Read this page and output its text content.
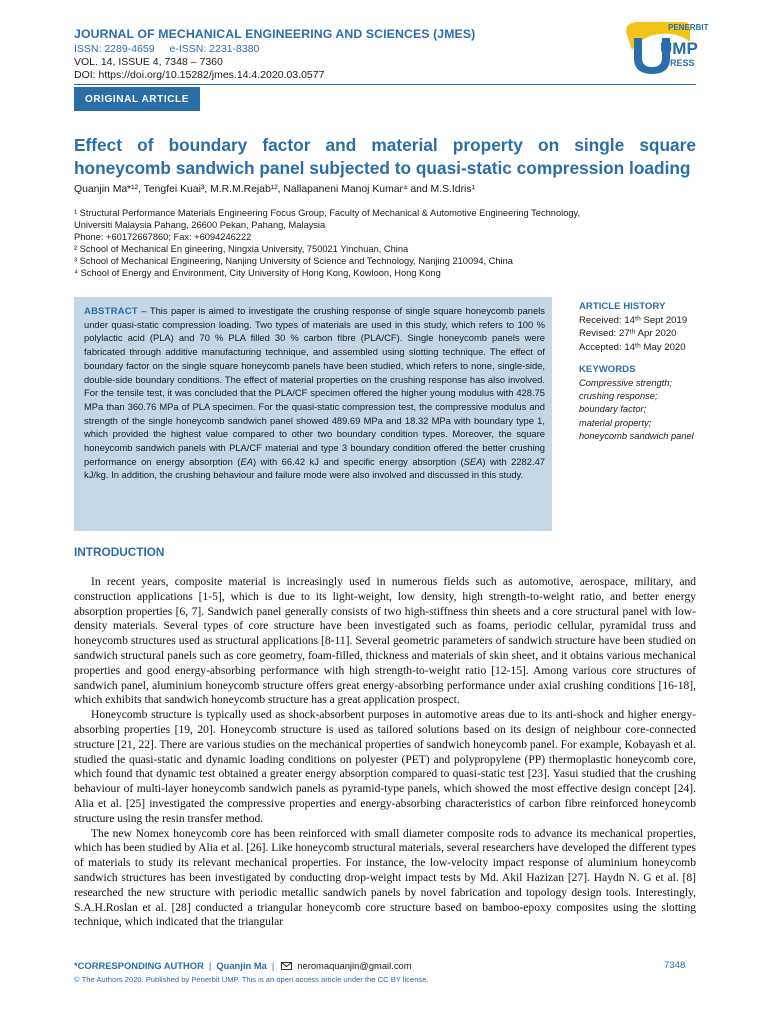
JOURNAL OF MECHANICAL ENGINEERING AND SCIENCES (JMES)
ISSN: 2289-4659 e-ISSN: 2231-8380
VOL. 14, ISSUE 4, 7348 – 7360
DOI: https://doi.org/10.15282/jmes.14.4.2020.03.0577
ORIGINAL ARTICLE
PENERBIT
UMP
PRESS
Effect of boundary factor and material property on single square honeycomb sandwich panel subjected to quasi-static compression loading
Quanjin Ma*¹², Tengfei Kuai³, M.R.M.Rejab¹², Nallapaneni Manoj Kumar⁴ and M.S.Idris¹
¹ Structural Performance Materials Engineering Focus Group, Faculty of Mechanical & Automotive Engineering Technology,
Universiti Malaysia Pahang, 26600 Pekan, Pahang, Malaysia
Phone: +60172667860; Fax: +6094246222
² School of Mechanical En gineering, Ningxia University, 750021 Yinchuan, China
³ School of Mechanical Engineering, Nanjing University of Science and Technology, Nanjing 210094, China
⁴ School of Energy and Environment, City University of Hong Kong, Kowloon, Hong Kong
ABSTRACT – This paper is aimed to investigate the crushing response of single square honeycomb panels under quasi-static compression loading. Two types of materials are used in this study, which refers to 100 % polylactic acid (PLA) and 70 % PLA filled 30 % carbon fibre (PLA/CF). Single honeycomb panels were fabricated through additive manufacturing technique, and assembled using slotting technique. The effect of boundary factor on the single square honeycomb panels have been studied, which refers to none, single-side, double-side boundary conditions. The effect of material properties on the crushing response has also involved. For the tensile test, it was concluded that the PLA/CF specimen offered the higher young modulus with 428.75 MPa than 360.76 MPa of PLA specimen. For the quasi-static compression test, the compressive modulus and strength of the single honeycomb sandwich panel showed 489.69 MPa and 18.32 MPa with boundary type 1, which provided the highest value compared to other two boundary condition types. Moreover, the square honeycomb sandwich panels with PLA/CF material and type 3 boundary condition offered the better crushing performance on energy absorption (EA) with 66.42 kJ and specific energy absorption (SEA) with 2282.47 kJ/kg. In addition, the crushing behaviour and failure mode were also involved and discussed in this study.
ARTICLE HISTORY
Received: 14ᵗʰ Sept 2019
Revised: 27ᵗʰ Apr 2020
Accepted: 14ᵗʰ May 2020
KEYWORDS
Compressive strength;
crushing response;
boundary factor;
material property;
honeycomb sandwich panel
INTRODUCTION

In recent years, composite material is increasingly used in numerous fields such as automotive, aerospace, military, and construction applications [1-5], which is due to its light-weight, low density, high strength-to-weight ratio, and better energy absorption properties [6, 7]. Sandwich panel generally consists of two high-stiffness thin sheets and a core structural panel with low-density materials. Several types of core structure have been investigated such as foams, periodic cellular, pyramidal truss and honeycomb structures used as structural applications [8-11]. Several geometric parameters of sandwich structure have been studied on sandwich structural panels such as core geometry, foam-filled, thickness and materials of skin sheet, and it obtains various mechanical properties and good energy-absorbing performance with high strength-to-weight ratio [12-15]. Among various core structures of sandwich panel, aluminium honeycomb structure offers great energy-absorbing performance under axial crushing conditions [16-18], which exhibits that sandwich honeycomb structure has a great application prospect.

Honeycomb structure is typically used as shock-absorbent purposes in automotive areas due to its anti-shock and higher energy-absorbing properties [19, 20]. Honeycomb structure is used as tailored solutions based on its design of neighbour core-connected structure [21, 22]. There are various studies on the mechanical properties of sandwich honeycomb panel. For example, Kobayash et al. studied the quasi-static and dynamic loading conditions on polyester (PET) and polypropylene (PP) thermoplastic honeycomb core, which found that dynamic test obtained a greater energy absorption compared to quasi-static test [23]. Yasui studied that the crushing behaviour of multi-layer honeycomb sandwich panels as pyramid-type panels, which showed the most effective design concept [24]. Alia et al. [25] investigated the compressive properties and energy-absorbing characteristics of carbon fibre reinforced honeycomb structure using the resin transfer method.

The new Nomex honeycomb core has been reinforced with small diameter composite rods to advance its mechanical properties, which has been studied by Alia et al. [26]. Like honeycomb structural materials, several researchers have developed the different types of materials to study its relevant mechanical properties. For instance, the low-velocity impact response of aluminium honeycomb sandwich structures has been investigated by conducting drop-weight impact tests by Md. Akil Hazizan [27]. Haydn N. G et al. [8] researched the new structure with periodic metallic sandwich panels by novel fabrication and topology design tools. Interestingly, S.A.H.Roslan et al. [28] conducted a triangular honeycomb core structure based on bamboo-epoxy composites using the slotting technique, which indicated that the triangular

*CORRESPONDING AUTHOR | Quanjin Ma | neromaquanjin@gmail.com
© The Authors 2020. Published by Penerbit UMP. This is an open access article under the CC BY license.
7348
